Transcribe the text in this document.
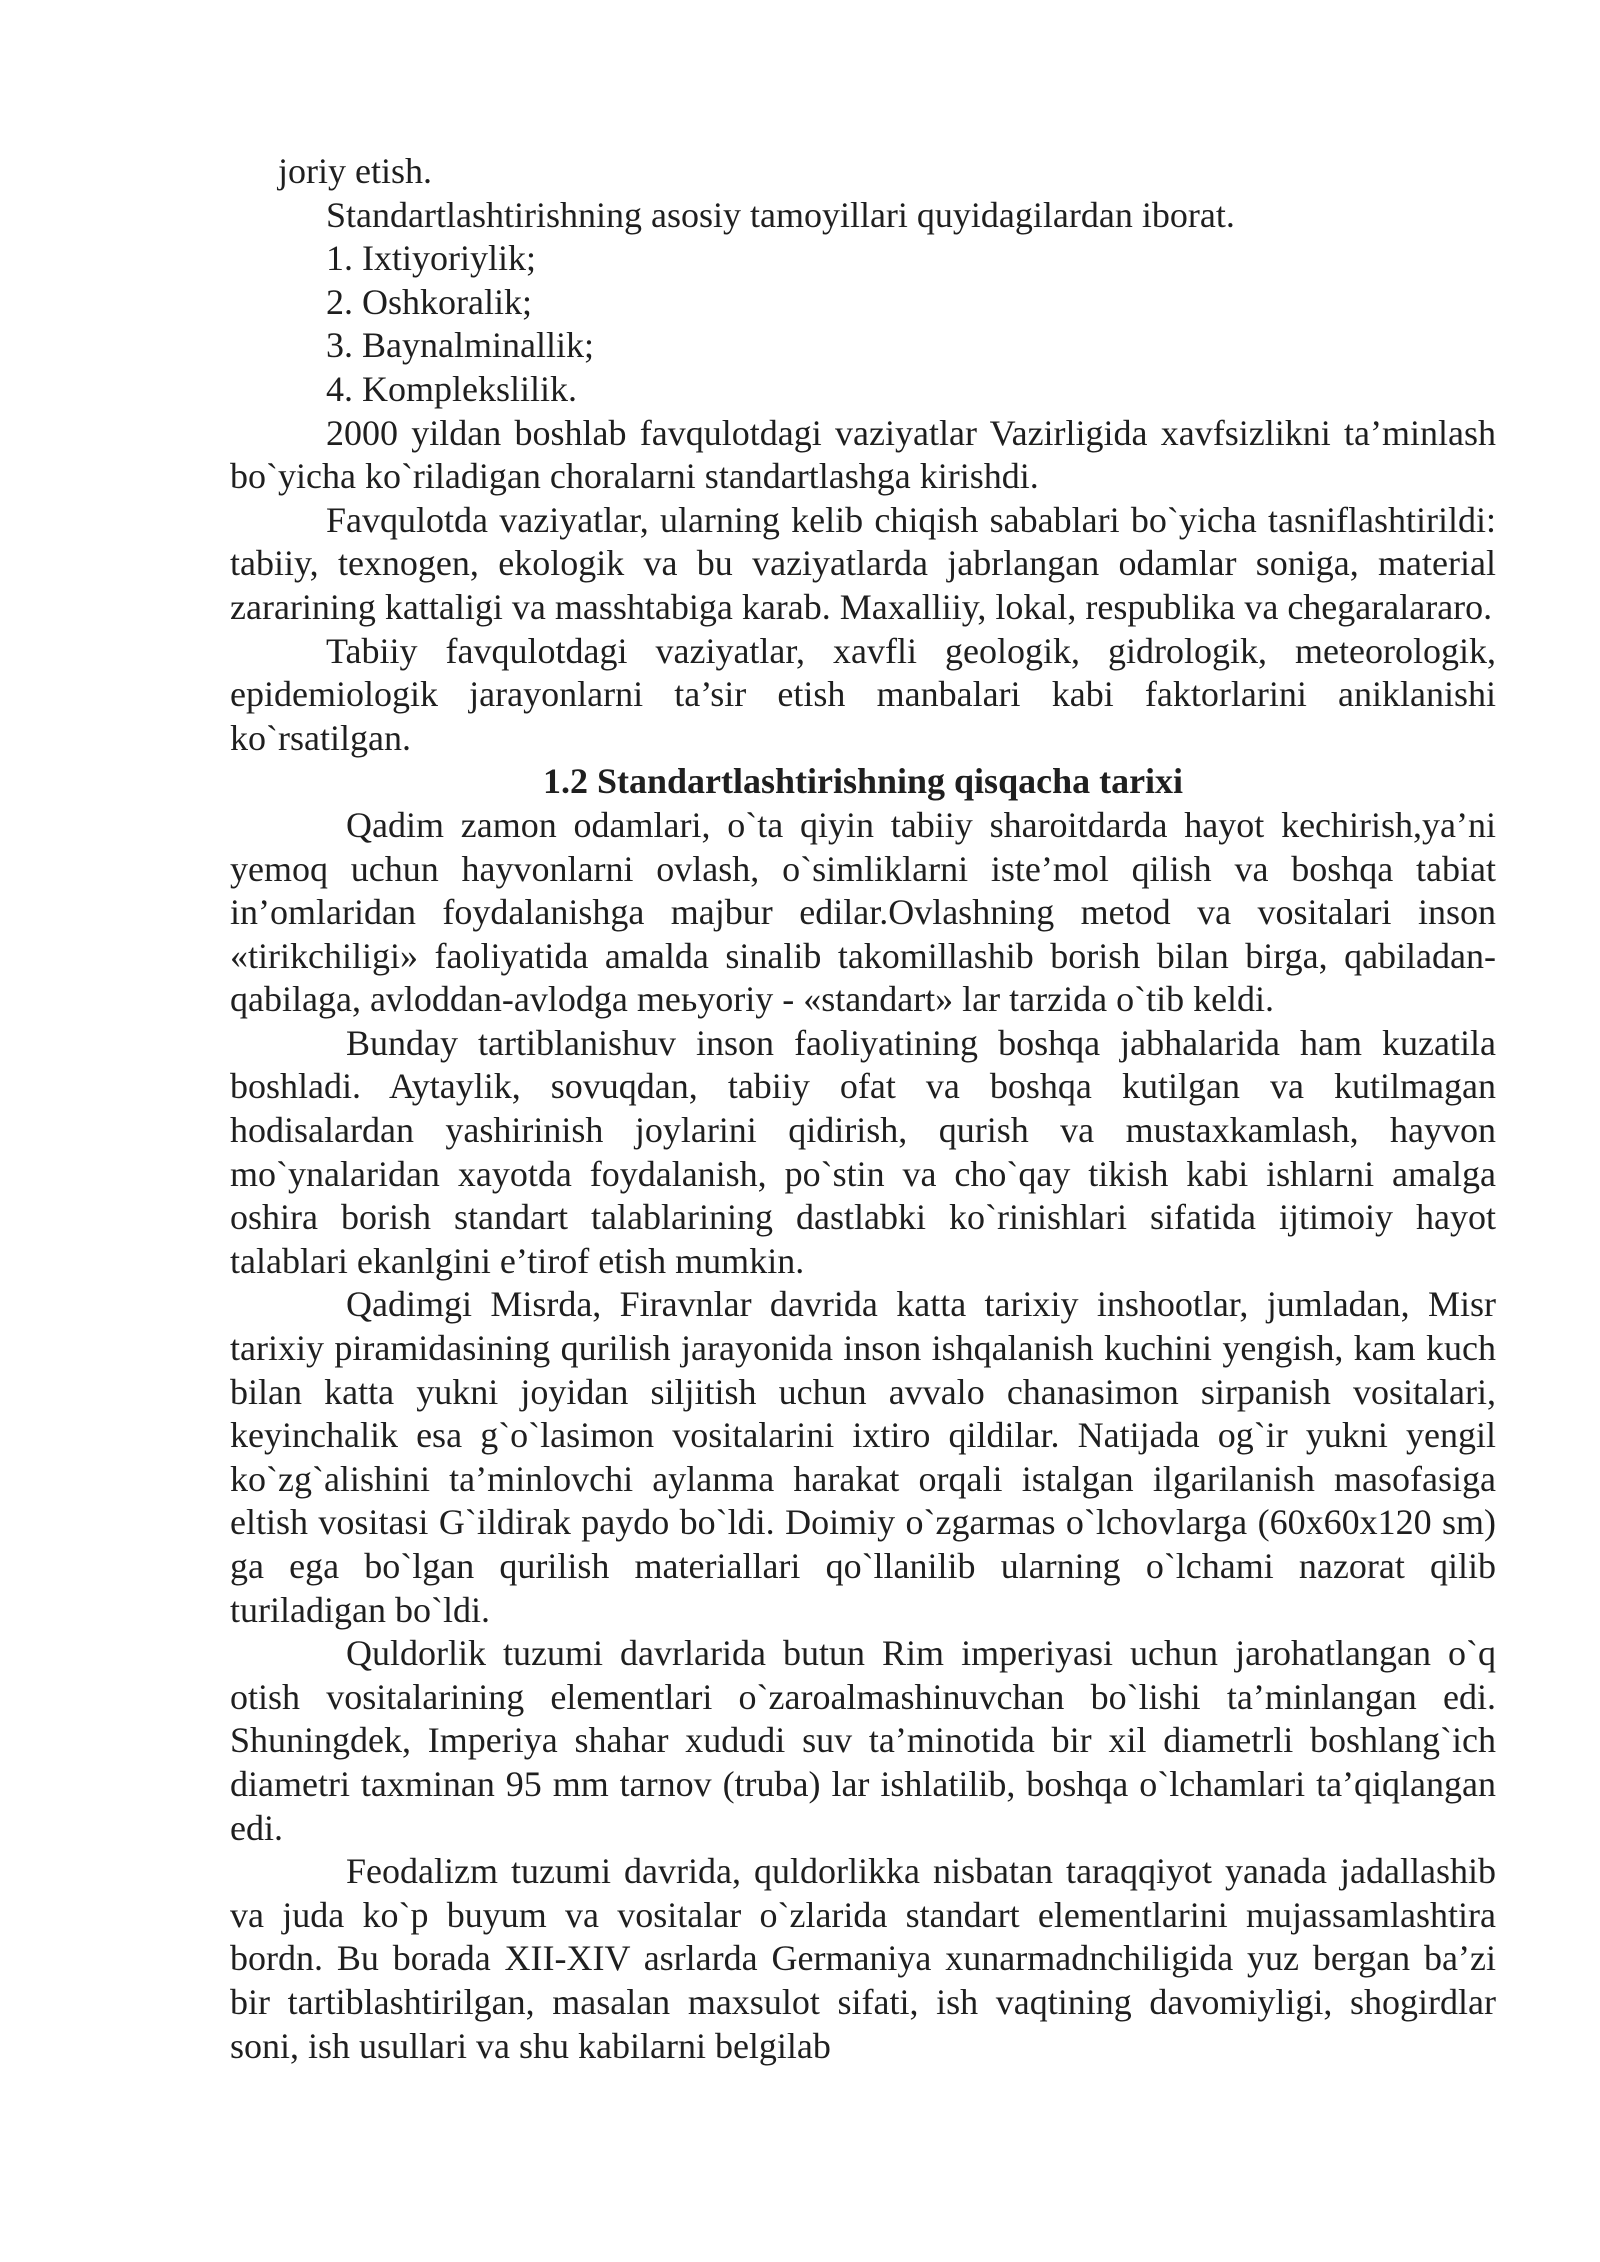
joriy etish.

Standartlashtirishning asosiy tamoyillari quyidagilardan iborat.

1. Ixtiyoriylik;
2. Oshkoralik;
3. Baynalminallik;
4. Komplekslilik.

2000 yildan boshlab favqulotdagi vaziyatlar Vazirligida xavfsizlikni ta’minlash bo`yicha ko`riladigan choralarni standartlashga kirishdi.

Favqulotda vaziyatlar, ularning kelib chiqish sabablari bo`yicha tasniflashtirildi: tabiiy, texnogen, ekologik va bu vaziyatlarda jabrlangan odamlar soniga, material zararining kattaligi va masshtabiga karab. Maxalliiy, lokal, respublika va chegaralararo.

Tabiiy favqulotdagi vaziyatlar, xavfli geologik, gidrologik, meteorologik, epidemiologik jarayonlarni ta’sir etish manbalari kabi faktorlarini aniklanishi ko`rsatilgan.

1.2 Standartlashtirishning qisqacha tarixi

Qadim zamon odamlari, o`ta qiyin tabiiy sharoitdarda hayot kechirish,ya’ni yemoq uchun hayvonlarni ovlash, o`simliklarni iste’mol qilish va boshqa tabiat in’omlaridan foydalanishga majbur edilar.Ovlashning metod va vositalari inson «tirikchiligi» faoliyatida amalda sinalib takomillashib borish bilan birga, qabiladan-qabilaga, avloddan-avlodga meьyoriy - «standart» lar tarzida o`tib keldi.

Bunday tartiblanishuv inson faoliyatining boshqa jabhalarida ham kuzatila boshladi. Aytaylik, sovuqdan, tabiiy ofat va boshqa kutilgan va kutilmagan hodisalardan yashirinish joylarini qidirish, qurish va mustaxkamlash, hayvon mo`ynalaridan xayotda foydalanish, po`stin va cho`qay tikish kabi ishlarni amalga oshira borish standart talablarining dastlabki ko`rinishlari sifatida ijtimoiy hayot talablari ekanlgini e’tirof etish mumkin.

Qadimgi Misrda, Firavnlar davrida katta tarixiy inshootlar, jumladan, Misr tarixiy piramidasining qurilish jarayonida inson ishqalanish kuchini yengish, kam kuch bilan katta yukni joyidan siljitish uchun avvalo chanasimon sirpanish vositalari, keyinchalik esa g`o`lasimon vositalarini ixtiro qildilar. Natijada og`ir yukni yengil ko`zg`alishini ta’minlovchi aylanma harakat orqali istalgan ilgarilanish masofasiga eltish vositasi G`ildirak paydo bo`ldi. Doimiy o`zgarmas o`lchovlarga (60x60x120 sm) ga ega bo`lgan qurilish materiallari qo`llanilib ularning o`lchami nazorat qilib turiladigan bo`ldi.

Quldorlik tuzumi davrlarida butun Rim imperiyasi uchun jarohatlangan o`q otish vositalarining elementlari o`zaroalmashinuvchan bo`lishi ta’minlangan edi. Shuningdek, Imperiya shahar xududi suv ta’minotida bir xil diametrli boshlang`ich diametri taxminan 95 mm tarnov (truba) lar ishlatilib, boshqa o`lchamlari ta’qiqlangan edi.

Feodalizm tuzumi davrida, quldorlikka nisbatan taraqqiyot yanada jadallashib va juda ko`p buyum va vositalar o`zlarida standart elementlarini mujassamlashtira bordn. Bu borada XII-XIV asrlarda Germaniya xunarmadnchiligida yuz bergan ba’zi bir tartiblashtirilgan, masalan maxsulot sifati, ish vaqtining davomiyligi, shogirdlar soni, ish usullari va shu kabilarni belgilab
